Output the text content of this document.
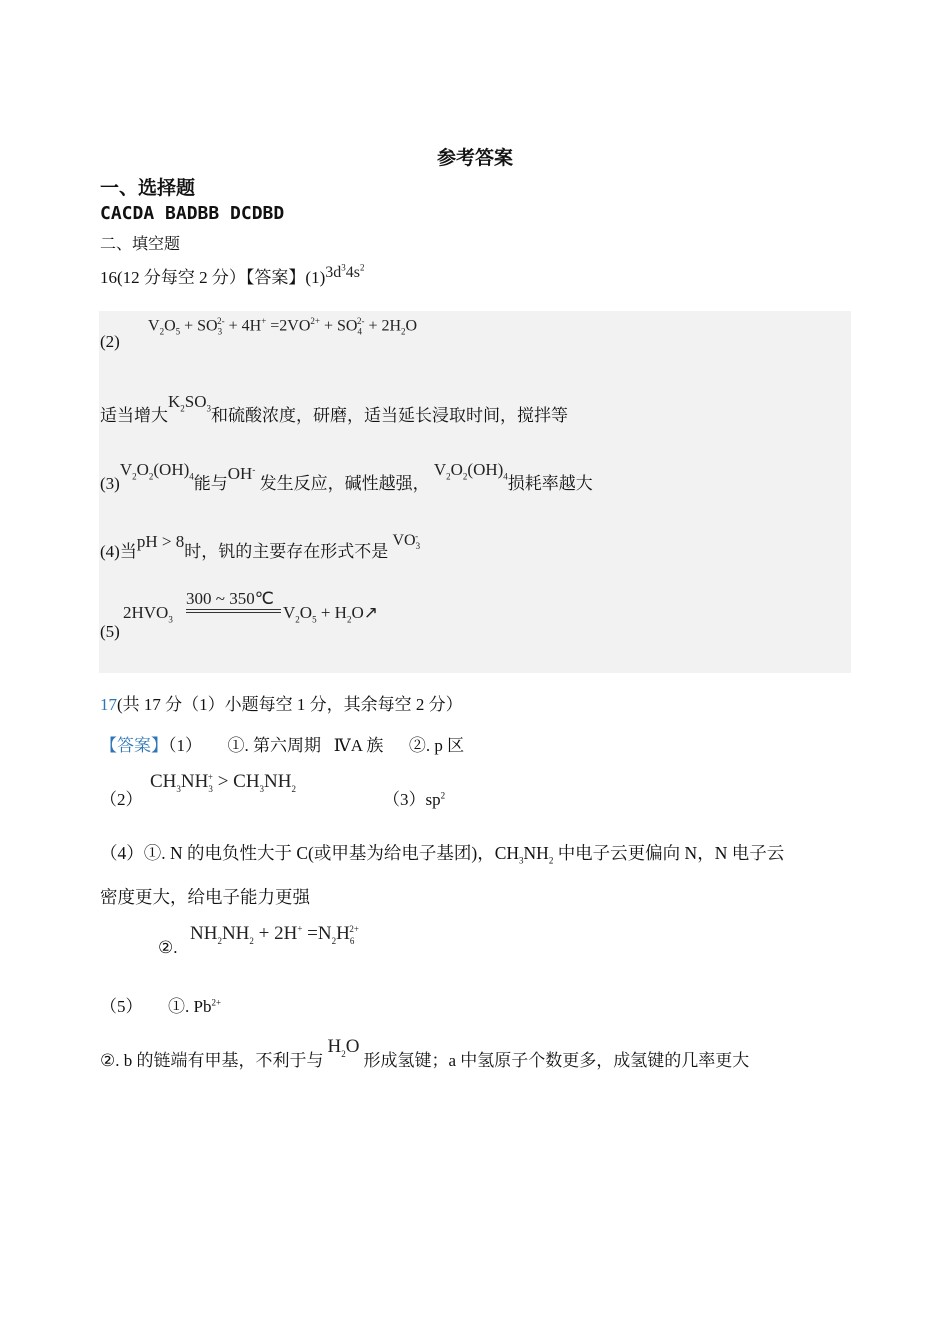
参考答案
一、选择题
CACDA BADBB DCDBD
二、填空题
16(12 分每空 2 分）【答案】$(1)3d^34s^2$
$V_2O_5 + SO_3^{2-} + 4H^+ =2VO^{2+} + SO_4^{2-} + 2H_2O$
(2)
适当增大$K_2SO_3$和硫酸浓度，研磨，适当延长浸取时间，搅拌等
$(3)V_2O_2(OH)_4$能与OH- 发生反应，碱性越强， $V_2O_2(OH)_4$损耗率越大
(4)当pH > 8时，钒的主要存在形式不是 $VO_3^-$
$2HVO_3$
300 ~ 350℃
$V_2O_5$ + $H_2O↗$
(5)
17(共 17 分（1）小题每空 1 分，其余每空 2 分）
【答案】（1）      ①. 第六周期   ⅣA 族      ②. p 区
（2）
$CH_3NH_3^+ > CH_3NH_2$
$(3)sp^2$
（4）①. N 的电负性大于 C(或甲基为给电子基团)，$CH_3NH_2$ 中电子云更偏向 N，N 电子云
密度更大，给电子能力更强
②.
$NH_2NH_2 + 2H^+ =N_2H_6^{2+}$
（5）      ①. $Pb^{2+}$
②. b 的链端有甲基，不利于与$H_2O$形成氢键；a 中氢原子个数更多，成氢键的几率更大
